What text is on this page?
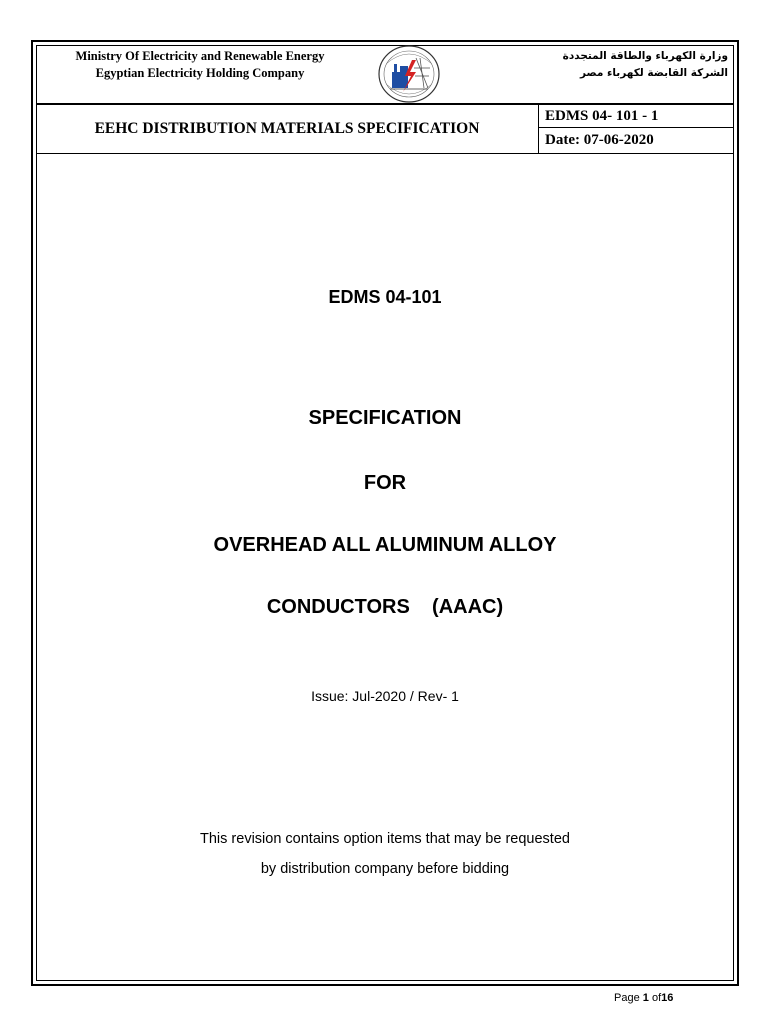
Ministry Of Electricity and Renewable Energy
Egyptian Electricity Holding Company
وزارة الكهرباء والطاقة المتجددة
الشركة القابضة لكهرباء مصر
EEHC DISTRIBUTION MATERIALS SPECIFICATION
EDMS 04- 101 - 1
Date: 07-06-2020
EDMS 04-101
SPECIFICATION
FOR
OVERHEAD ALL ALUMINUM ALLOY
CONDUCTORS    (AAAC)
Issue: Jul-2020 / Rev- 1
This revision contains option items that may be requested
by distribution company before bidding
Page 1 of16
